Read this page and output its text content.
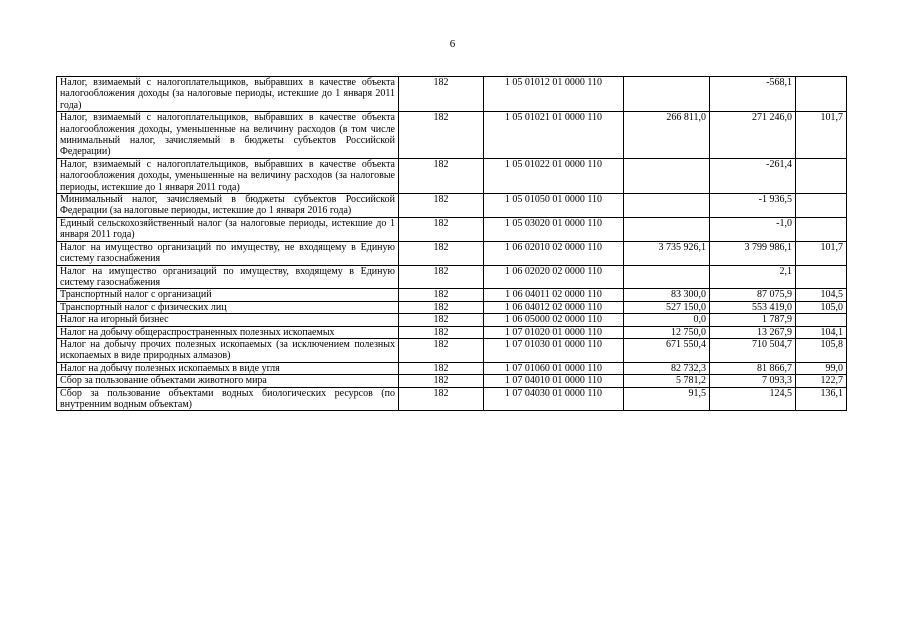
6
Налог, взимаемый с налогоплательщиков, выбравших в качестве объекта налогообложения доходы (за налоговые периоды, истекшие до 1 января 2011 года)	182	1 05 01012 01 0000 110		-568,1	
Налог, взимаемый с налогоплательщиков, выбравших в качестве объекта налогообложения доходы, уменьшенные на величину расходов (в том числе минимальный налог, зачисляемый в бюджеты субъектов Российской Федерации)	182	1 05 01021 01 0000 110	266 811,0	271 246,0	101,7
Налог, взимаемый с налогоплательщиков, выбравших в качестве объекта налогообложения доходы, уменьшенные на величину расходов (за налоговые периоды, истекшие до 1 января 2011 года)	182	1 05 01022 01 0000 110		-261,4	
Минимальный налог, зачисляемый в бюджеты субъектов Российской Федерации (за налоговые периоды, истекшие до 1 января 2016 года)	182	1 05 01050 01 0000 110		-1 936,5	
Единый сельскохозяйственный налог (за налоговые периоды, истекшие до 1 января 2011 года)	182	1 05 03020 01 0000 110		-1,0	
Налог на имущество организаций по имуществу, не входящему в Единую систему газоснабжения	182	1 06 02010 02 0000 110	3 735 926,1	3 799 986,1	101,7
Налог на имущество организаций по имуществу, входящему в Единую систему газоснабжения	182	1 06 02020 02 0000 110		2,1	
Транспортный налог с организаций	182	1 06 04011 02 0000 110	83 300,0	87 075,9	104,5
Транспортный налог с физических лиц	182	1 06 04012 02 0000 110	527 150,0	553 419,0	105,0
Налог на игорный бизнес	182	1 06 05000 02 0000 110	0,0	1 787,9	
Налог на добычу общераспространенных полезных ископаемых	182	1 07 01020 01 0000 110	12 750,0	13 267,9	104,1
Налог на добычу прочих полезных ископаемых (за исключением полезных ископаемых в виде природных алмазов)	182	1 07 01030 01 0000 110	671 550,4	710 504,7	105,8
Налог на добычу полезных ископаемых в виде угля	182	1 07 01060 01 0000 110	82 732,3	81 866,7	99,0
Сбор за пользование объектами животного мира	182	1 07 04010 01 0000 110	5 781,2	7 093,3	122,7
Сбор за пользование объектами водных биологических ресурсов (по внутренним водным объектам)	182	1 07 04030 01 0000 110	91,5	124,5	136,1
